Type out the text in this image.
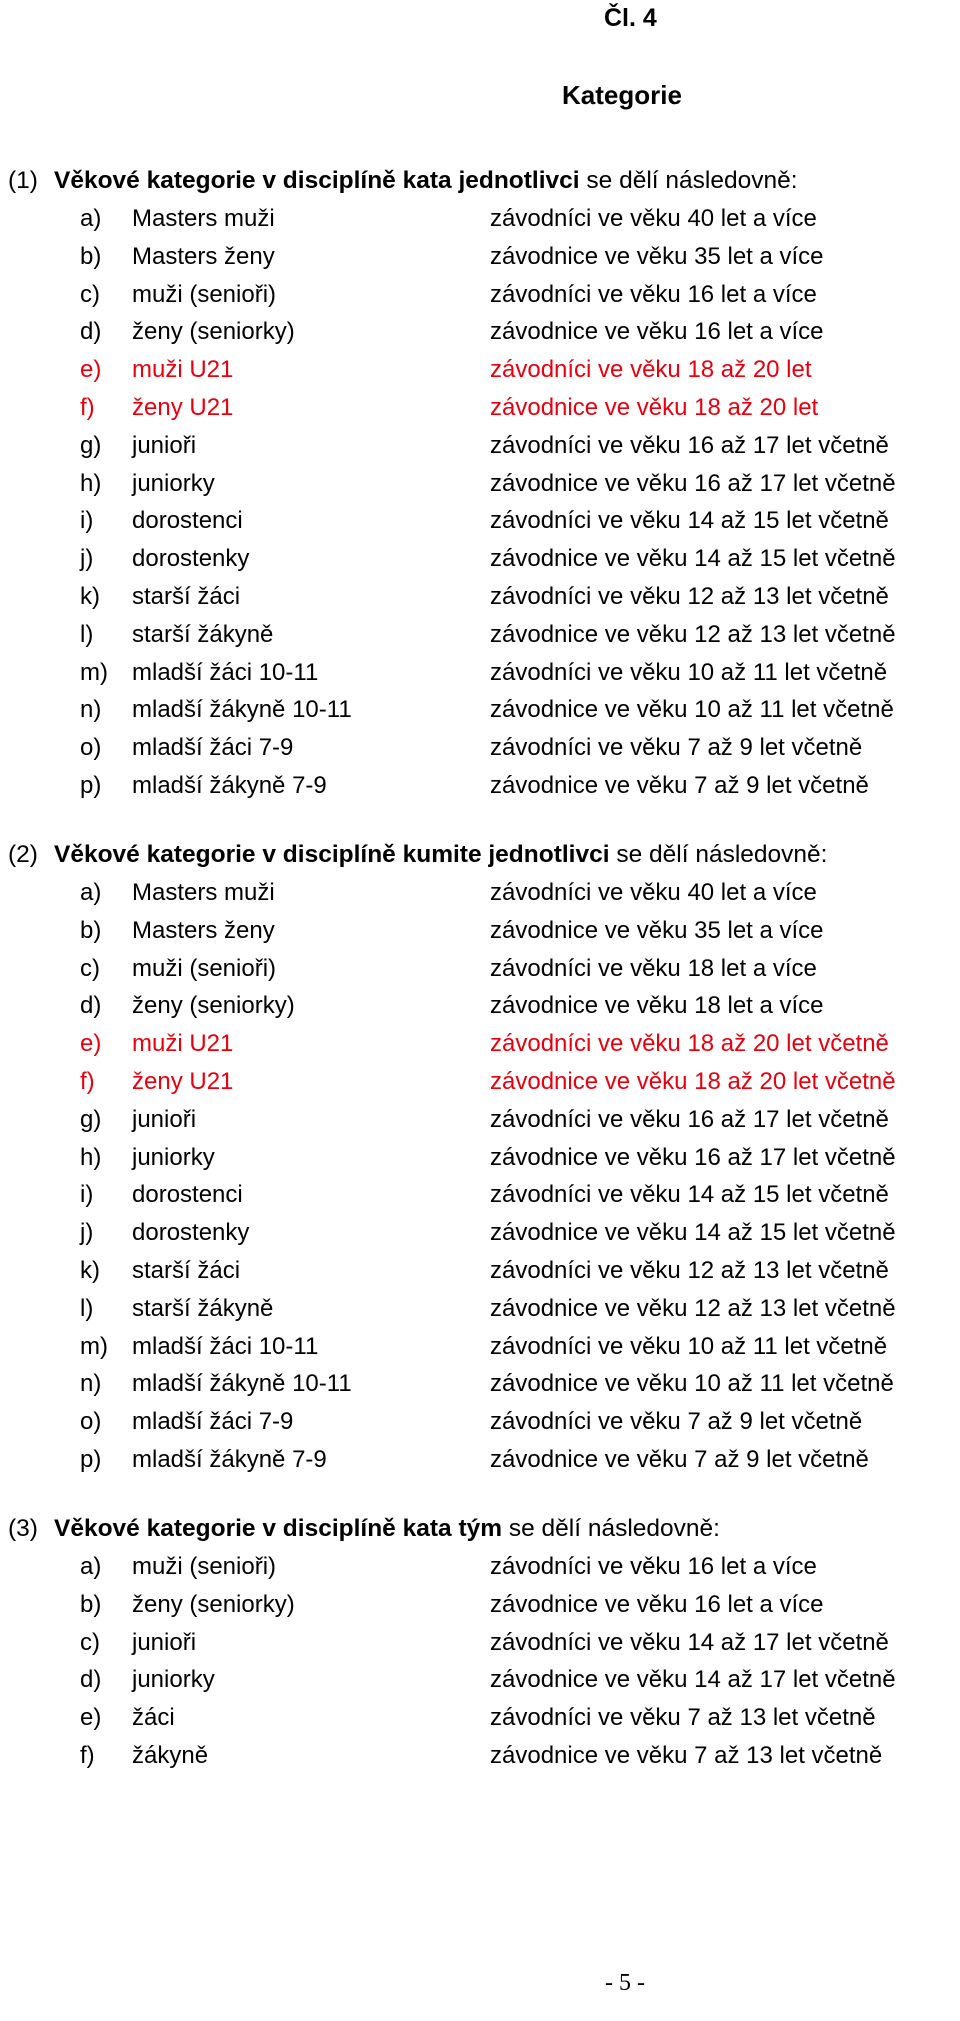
Čl. 4
Kategorie
(1) Věkové kategorie v disciplíně kata jednotlivci se dělí následovně:
a) Masters muži	závodníci ve věku 40 let a více
b) Masters ženy	závodnice ve věku 35 let a více
c) muži (senioři)	závodníci ve věku 16 let a více
d) ženy (seniorky)	závodnice ve věku 16 let a více
e) muži U21	závodníci ve věku 18 až 20 let
f) ženy U21	závodnice ve věku 18 až 20 let
g) junioři	závodníci ve věku 16 až 17 let včetně
h) juniorky	závodnice ve věku 16 až 17 let včetně
i) dorostenci	závodníci ve věku 14 až 15 let včetně
j) dorostenky	závodnice ve věku 14 až 15 let včetně
k) starší žáci	závodníci ve věku 12 až 13 let včetně
l) starší žákyně	závodnice ve věku 12 až 13 let včetně
m) mladší žáci 10-11	závodníci ve věku 10 až 11 let včetně
n) mladší žákyně 10-11	závodnice ve věku 10 až 11 let včetně
o) mladší žáci 7-9	závodníci ve věku 7 až 9 let včetně
p) mladší žákyně 7-9	závodnice ve věku 7 až 9 let včetně
(2) Věkové kategorie v disciplíně kumite jednotlivci se dělí následovně:
a) Masters muži	závodníci ve věku 40 let a více
b) Masters ženy	závodnice ve věku 35 let a více
c) muži (senioři)	závodníci ve věku 18 let a více
d) ženy (seniorky)	závodnice ve věku 18 let a více
e) muži U21	závodníci ve věku 18 až 20 let včetně
f) ženy U21	závodnice ve věku 18 až 20 let včetně
g) junioři	závodníci ve věku 16 až 17 let včetně
h) juniorky	závodnice ve věku 16 až 17 let včetně
i) dorostenci	závodníci ve věku 14 až 15 let včetně
j) dorostenky	závodnice ve věku 14 až 15 let včetně
k) starší žáci	závodníci ve věku 12 až 13 let včetně
l) starší žákyně	závodnice ve věku 12 až 13 let včetně
m) mladší žáci 10-11	závodníci ve věku 10 až 11 let včetně
n) mladší žákyně 10-11	závodnice ve věku 10 až 11 let včetně
o) mladší žáci 7-9	závodníci ve věku 7 až 9 let včetně
p) mladší žákyně 7-9	závodnice ve věku 7 až 9 let včetně
(3) Věkové kategorie v disciplíně kata tým se dělí následovně:
a) muži (senioři)	závodníci ve věku 16 let a více
b) ženy (seniorky)	závodnice ve věku 16 let a více
c) junioři	závodníci ve věku 14 až 17 let včetně
d) juniorky	závodnice ve věku 14 až 17 let včetně
e) žáci	závodníci ve věku 7 až 13 let včetně
f) žákyně	závodnice ve věku 7 až 13 let včetně
- 5 -
